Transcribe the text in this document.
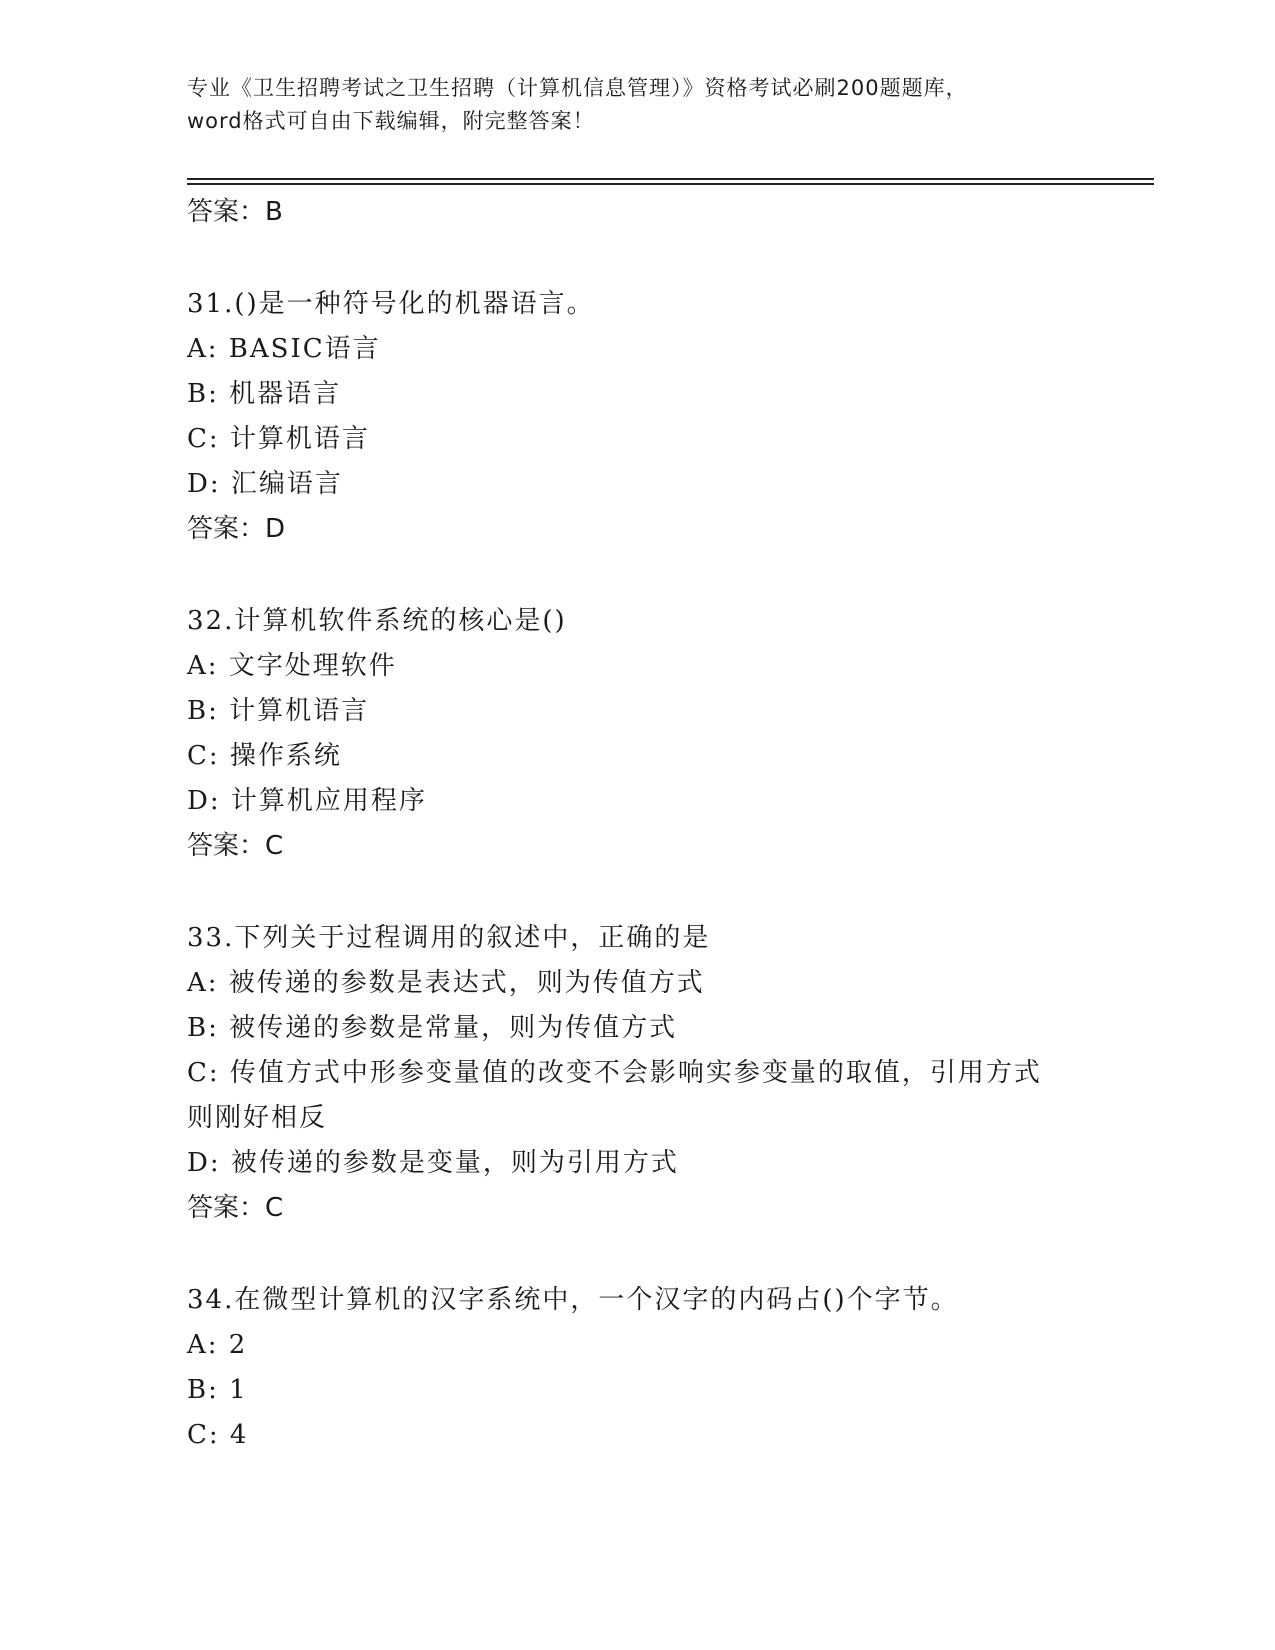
专业《卫生招聘考试之卫生招聘（计算机信息管理）》资格考试必刷200题题库，
word格式可自由下载编辑，附完整答案！
答案：B
31.()是一种符号化的机器语言。
A: BASIC语言
B: 机器语言
C: 计算机语言
D: 汇编语言
答案：D
32.计算机软件系统的核心是()
A: 文字处理软件
B: 计算机语言
C: 操作系统
D: 计算机应用程序
答案：C
33.下列关于过程调用的叙述中，正确的是
A: 被传递的参数是表达式，则为传值方式
B: 被传递的参数是常量，则为传值方式
C: 传值方式中形参变量值的改变不会影响实参变量的取值，引用方式
则刚好相反
D: 被传递的参数是变量，则为引用方式
答案：C
34.在微型计算机的汉字系统中，一个汉字的内码占()个字节。
A: 2
B: 1
C: 4
